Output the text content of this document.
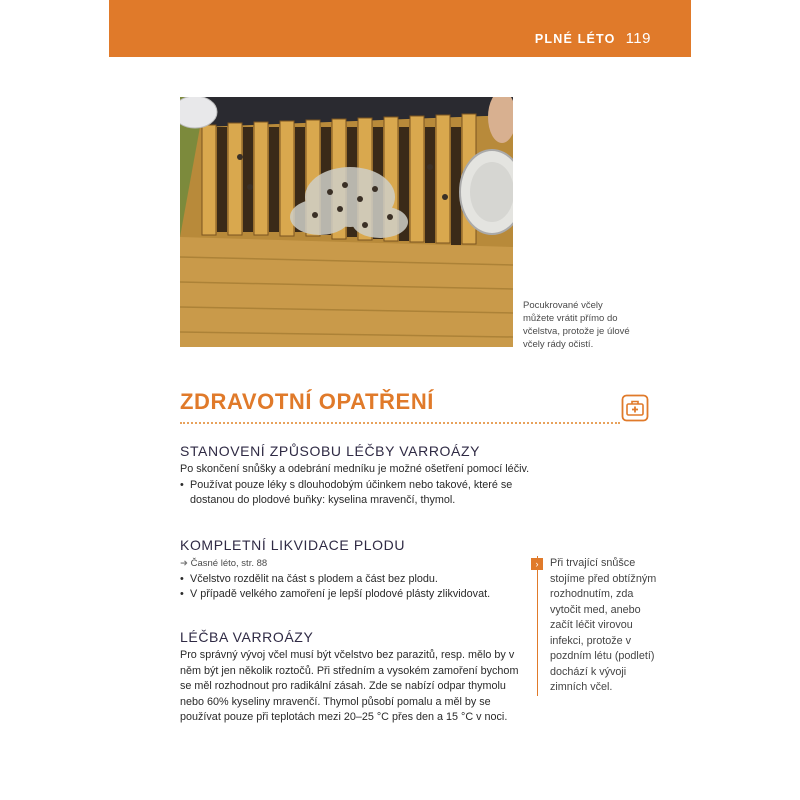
PLNÉ LÉTO 119
Pocukrované včely můžete vrátit přímo do včelstva, protože je úlové včely rády očistí.
ZDRAVOTNÍ OPATŘENÍ
STANOVENÍ ZPŮSOBU LÉČBY VARROÁZY
Po skončení snůšky a odebrání medníku je možné ošetření pomocí léčiv.
• Používat pouze léky s dlouhodobým účinkem nebo takové, které se dostanou do plodové buňky: kyselina mravenčí, thymol.
KOMPLETNÍ LIKVIDACE PLODU
➜ Časné léto, str. 88
• Včelstvo rozdělit na část s plodem a část bez plodu.
• V případě velkého zamoření je lepší plodové plásty zlikvidovat.
LÉČBA VARROÁZY
Pro správný vývoj včel musí být včelstvo bez parazitů, resp. mělo by v něm být jen několik roztočů. Při středním a vysokém zamoření bychom se měl rozhodnout pro radikální zásah. Zde se nabízí odpar thymolu nebo 60% kyseliny mravenčí. Thymol působí pomalu a měl by se používat pouze při teplotách mezi 20–25 °C přes den a 15 °C v noci.
›	Při trvající snůšce stojíme před obtížným rozhodnutím, zda vytočit med, anebo začít léčit virovou infekci, protože v pozdním létu (podletí) dochází k vývoji zimních včel.
